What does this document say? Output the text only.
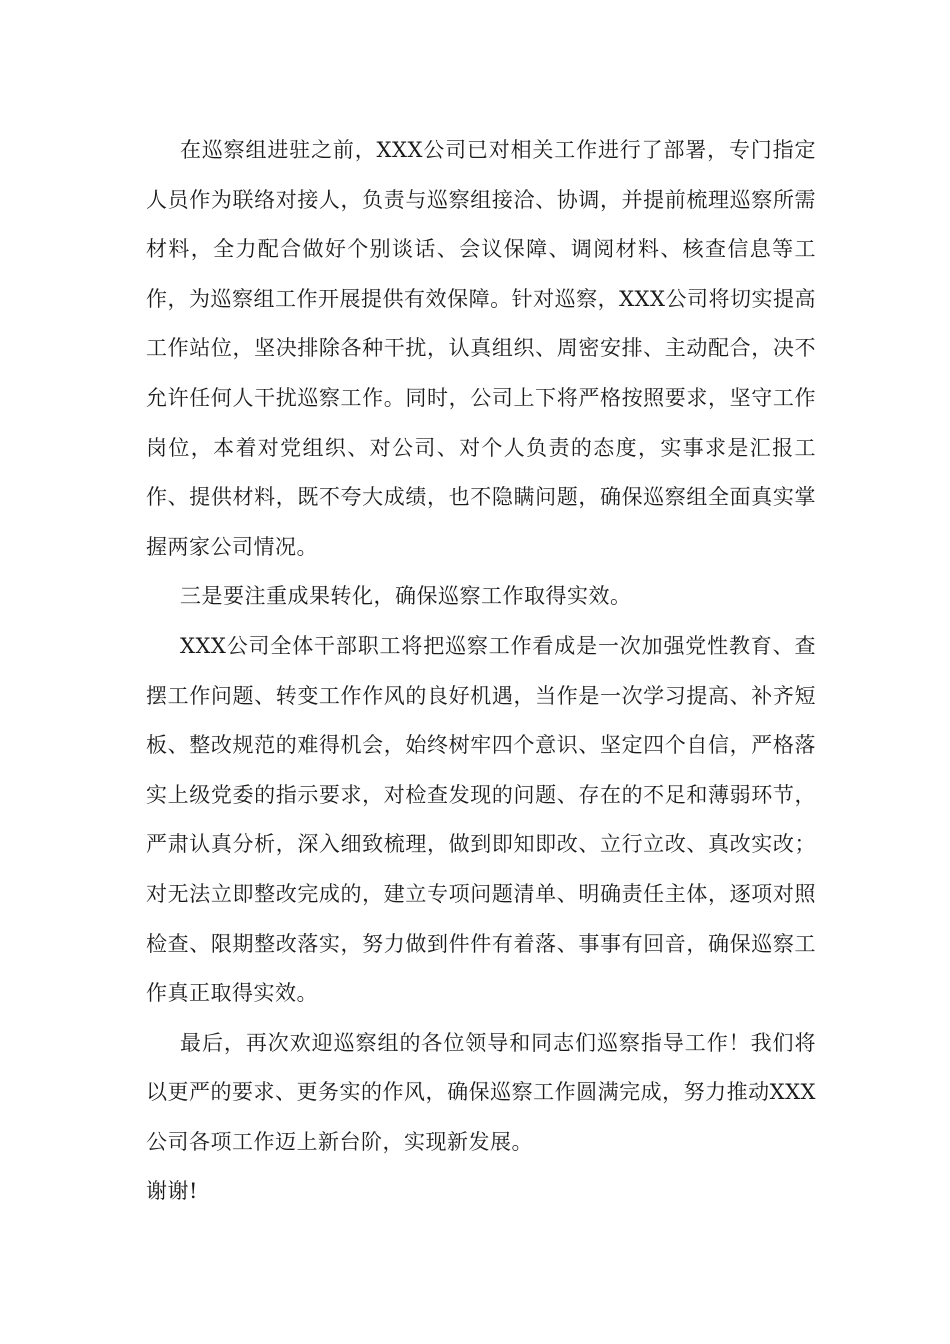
在巡察组进驻之前，XXX公司已对相关工作进行了部署，专门指定人员作为联络对接人，负责与巡察组接洽、协调，并提前梳理巡察所需材料，全力配合做好个别谈话、会议保障、调阅材料、核查信息等工作，为巡察组工作开展提供有效保障。针对巡察，XXX公司将切实提高工作站位，坚决排除各种干扰，认真组织、周密安排、主动配合，决不允许任何人干扰巡察工作。同时，公司上下将严格按照要求，坚守工作岗位，本着对党组织、对公司、对个人负责的态度，实事求是汇报工作、提供材料，既不夸大成绩，也不隐瞒问题，确保巡察组全面真实掌握两家公司情况。

三是要注重成果转化，确保巡察工作取得实效。

XXX公司全体干部职工将把巡察工作看成是一次加强党性教育、查摆工作问题、转变工作作风的良好机遇，当作是一次学习提高、补齐短板、整改规范的难得机会，始终树牢四个意识、坚定四个自信，严格落实上级党委的指示要求，对检查发现的问题、存在的不足和薄弱环节，严肃认真分析，深入细致梳理，做到即知即改、立行立改、真改实改；对无法立即整改完成的，建立专项问题清单、明确责任主体，逐项对照检查、限期整改落实，努力做到件件有着落、事事有回音，确保巡察工作真正取得实效。

最后，再次欢迎巡察组的各位领导和同志们巡察指导工作！我们将以更严的要求、更务实的作风，确保巡察工作圆满完成，努力推动XXX公司各项工作迈上新台阶，实现新发展。

谢谢!
